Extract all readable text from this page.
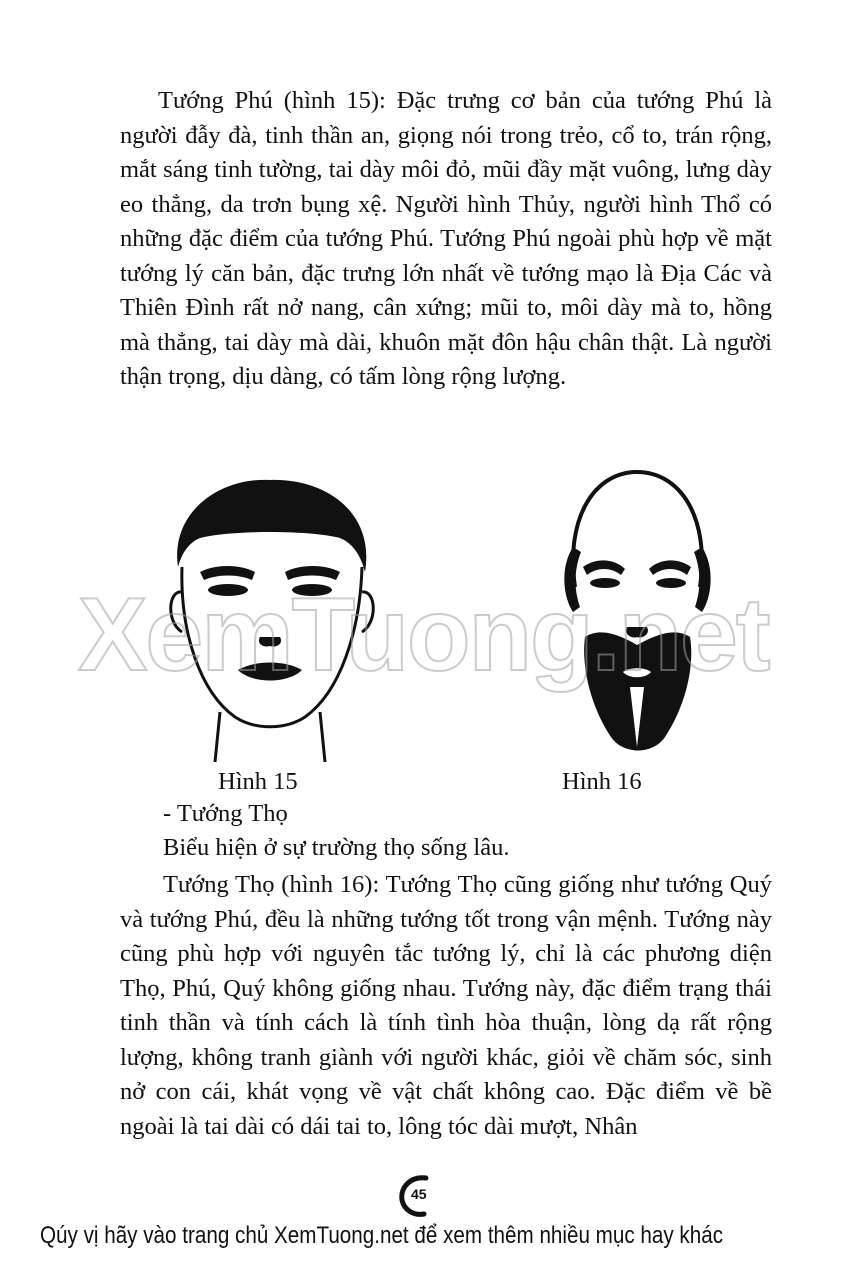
Tướng Phú (hình 15): Đặc trưng cơ bản của tướng Phú là người đẫy đà, tinh thần an, giọng nói trong trẻo, cổ to, trán rộng, mắt sáng tinh tường, tai dày môi đỏ, mũi đầy mặt vuông, lưng dày eo thẳng, da trơn bụng xệ. Người hình Thủy, người hình Thổ có những đặc điểm của tướng Phú. Tướng Phú ngoài phù hợp về mặt tướng lý căn bản, đặc trưng lớn nhất về tướng mạo là Địa Các và Thiên Đình rất nở nang, cân xứng; mũi to, môi dày mà to, hồng mà thẳng, tai dày mà dài, khuôn mặt đôn hậu chân thật. Là người thận trọng, dịu dàng, có tấm lòng rộng lượng.

XemTuong.net
Hình 15	Hình 16

- Tướng Thọ

Biểu hiện ở sự trường thọ sống lâu.

Tướng Thọ (hình 16): Tướng Thọ cũng giống như tướng Quý và tướng Phú, đều là những tướng tốt trong vận mệnh. Tướng này cũng phù hợp với nguyên tắc tướng lý, chỉ là các phương diện Thọ, Phú, Quý không giống nhau. Tướng này, đặc điểm trạng thái tinh thần và tính cách là tính tình hòa thuận, lòng dạ rất rộng lượng, không tranh giành với người khác, giỏi về chăm sóc, sinh nở con cái, khát vọng về vật chất không cao. Đặc điểm về bề ngoài là tai dài có dái tai to, lông tóc dài mượt, Nhân

45
Qúy vị hãy vào trang chủ XemTuong.net để xem thêm nhiều mục hay khác
